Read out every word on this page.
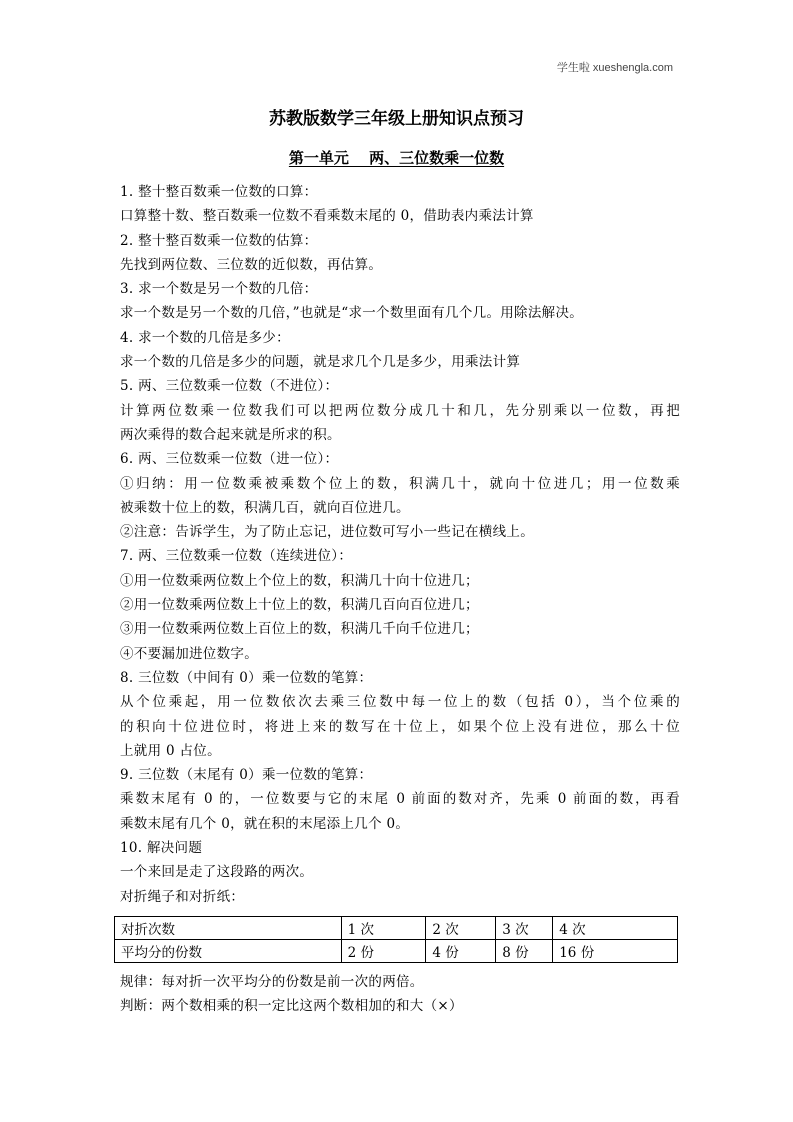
学生啦 xueshengla.com
苏教版数学三年级上册知识点预习
第一单元　 两、三位数乘一位数
1. 整十整百数乘一位数的口算：
口算整十数、整百数乘一位数不看乘数末尾的 0，借助表内乘法计算
2. 整十整百数乘一位数的估算：
先找到两位数、三位数的近似数，再估算。
3. 求一个数是另一个数的几倍：
求一个数是另一个数的几倍，”也就是“求一个数里面有几个几。用除法解决。
4. 求一个数的几倍是多少：
求一个数的几倍是多少的问题，就是求几个几是多少，用乘法计算
5. 两、三位数乘一位数（不进位）：
计算两位数乘一位数我们可以把两位数分成几十和几，先分别乘以一位数，再把
两次乘得的数合起来就是所求的积。
6. 两、三位数乘一位数（进一位）：
①归纳：用一位数乘被乘数个位上的数，积满几十，就向十位进几；用一位数乘
被乘数十位上的数，积满几百，就向百位进几。
②注意：告诉学生，为了防止忘记，进位数可写小一些记在横线上。
7. 两、三位数乘一位数（连续进位）：
①用一位数乘两位数上个位上的数，积满几十向十位进几；
②用一位数乘两位数上十位上的数，积满几百向百位进几；
③用一位数乘两位数上百位上的数，积满几千向千位进几；
④不要漏加进位数字。
8. 三位数（中间有 0）乘一位数的笔算：
从个位乘起，用一位数依次去乘三位数中每一位上的数（包括 0），当个位乘的
的积向十位进位时，将进上来的数写在十位上，如果个位上没有进位，那么十位
上就用 0 占位。
9. 三位数（末尾有 0）乘一位数的笔算：
乘数末尾有 0 的，一位数要与它的末尾 0 前面的数对齐，先乘 0 前面的数，再看
乘数末尾有几个 0，就在积的末尾添上几个 0。
10. 解决问题
一个来回是走了这段路的两次。
对折绳子和对折纸：
对折次数	1 次	2 次	3 次	4 次
平均分的份数	2 份	4 份	8 份	16 份
规律：每对折一次平均分的份数是前一次的两倍。
判断：两个数相乘的积一定比这两个数相加的和大（×）
